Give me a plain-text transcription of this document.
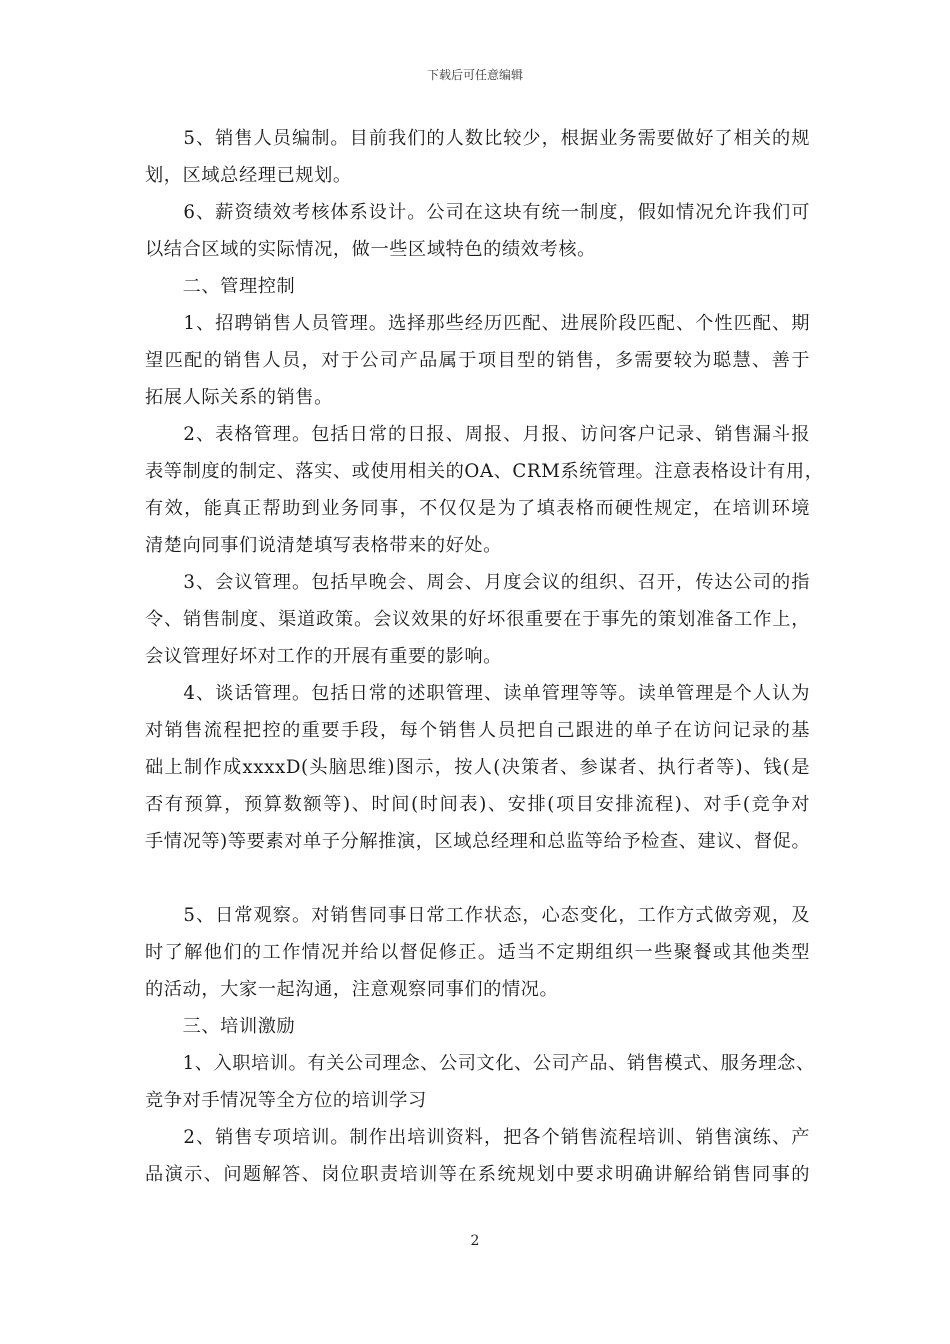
下载后可任意编辑
　　5、销售人员编制。目前我们的人数比较少，根据业务需要做好了相关的规
划，区域总经理已规划。
　　6、薪资绩效考核体系设计。公司在这块有统一制度，假如情况允许我们可
以结合区域的实际情况，做一些区域特色的绩效考核。
　　二、管理控制
　　1、招聘销售人员管理。选择那些经历匹配、进展阶段匹配、个性匹配、期
望匹配的销售人员，对于公司产品属于项目型的销售，多需要较为聪慧、善于
拓展人际关系的销售。
　　2、表格管理。包括日常的日报、周报、月报、访问客户记录、销售漏斗报
表等制度的制定、落实、或使用相关的OA、CRM系统管理。注意表格设计有用，
有效，能真正帮助到业务同事，不仅仅是为了填表格而硬性规定，在培训环境
清楚向同事们说清楚填写表格带来的好处。
　　3、会议管理。包括早晚会、周会、月度会议的组织、召开，传达公司的指
令、销售制度、渠道政策。会议效果的好坏很重要在于事先的策划准备工作上，
会议管理好坏对工作的开展有重要的影响。
　　4、谈话管理。包括日常的述职管理、读单管理等等。读单管理是个人认为
对销售流程把控的重要手段，每个销售人员把自己跟进的单子在访问记录的基
础上制作成xxxxD(头脑思维)图示，按人(决策者、参谋者、执行者等)、钱(是
否有预算，预算数额等)、时间(时间表)、安排(项目安排流程)、对手(竞争对
手情况等)等要素对单子分解推演，区域总经理和总监等给予检查、建议、督促。
　　5、日常观察。对销售同事日常工作状态，心态变化，工作方式做旁观，及
时了解他们的工作情况并给以督促修正。适当不定期组织一些聚餐或其他类型
的活动，大家一起沟通，注意观察同事们的情况。
　　三、培训激励
　　1、入职培训。有关公司理念、公司文化、公司产品、销售模式、服务理念、
竞争对手情况等全方位的培训学习
　　2、销售专项培训。制作出培训资料，把各个销售流程培训、销售演练、产
品演示、问题解答、岗位职责培训等在系统规划中要求明确讲解给销售同事的
2
